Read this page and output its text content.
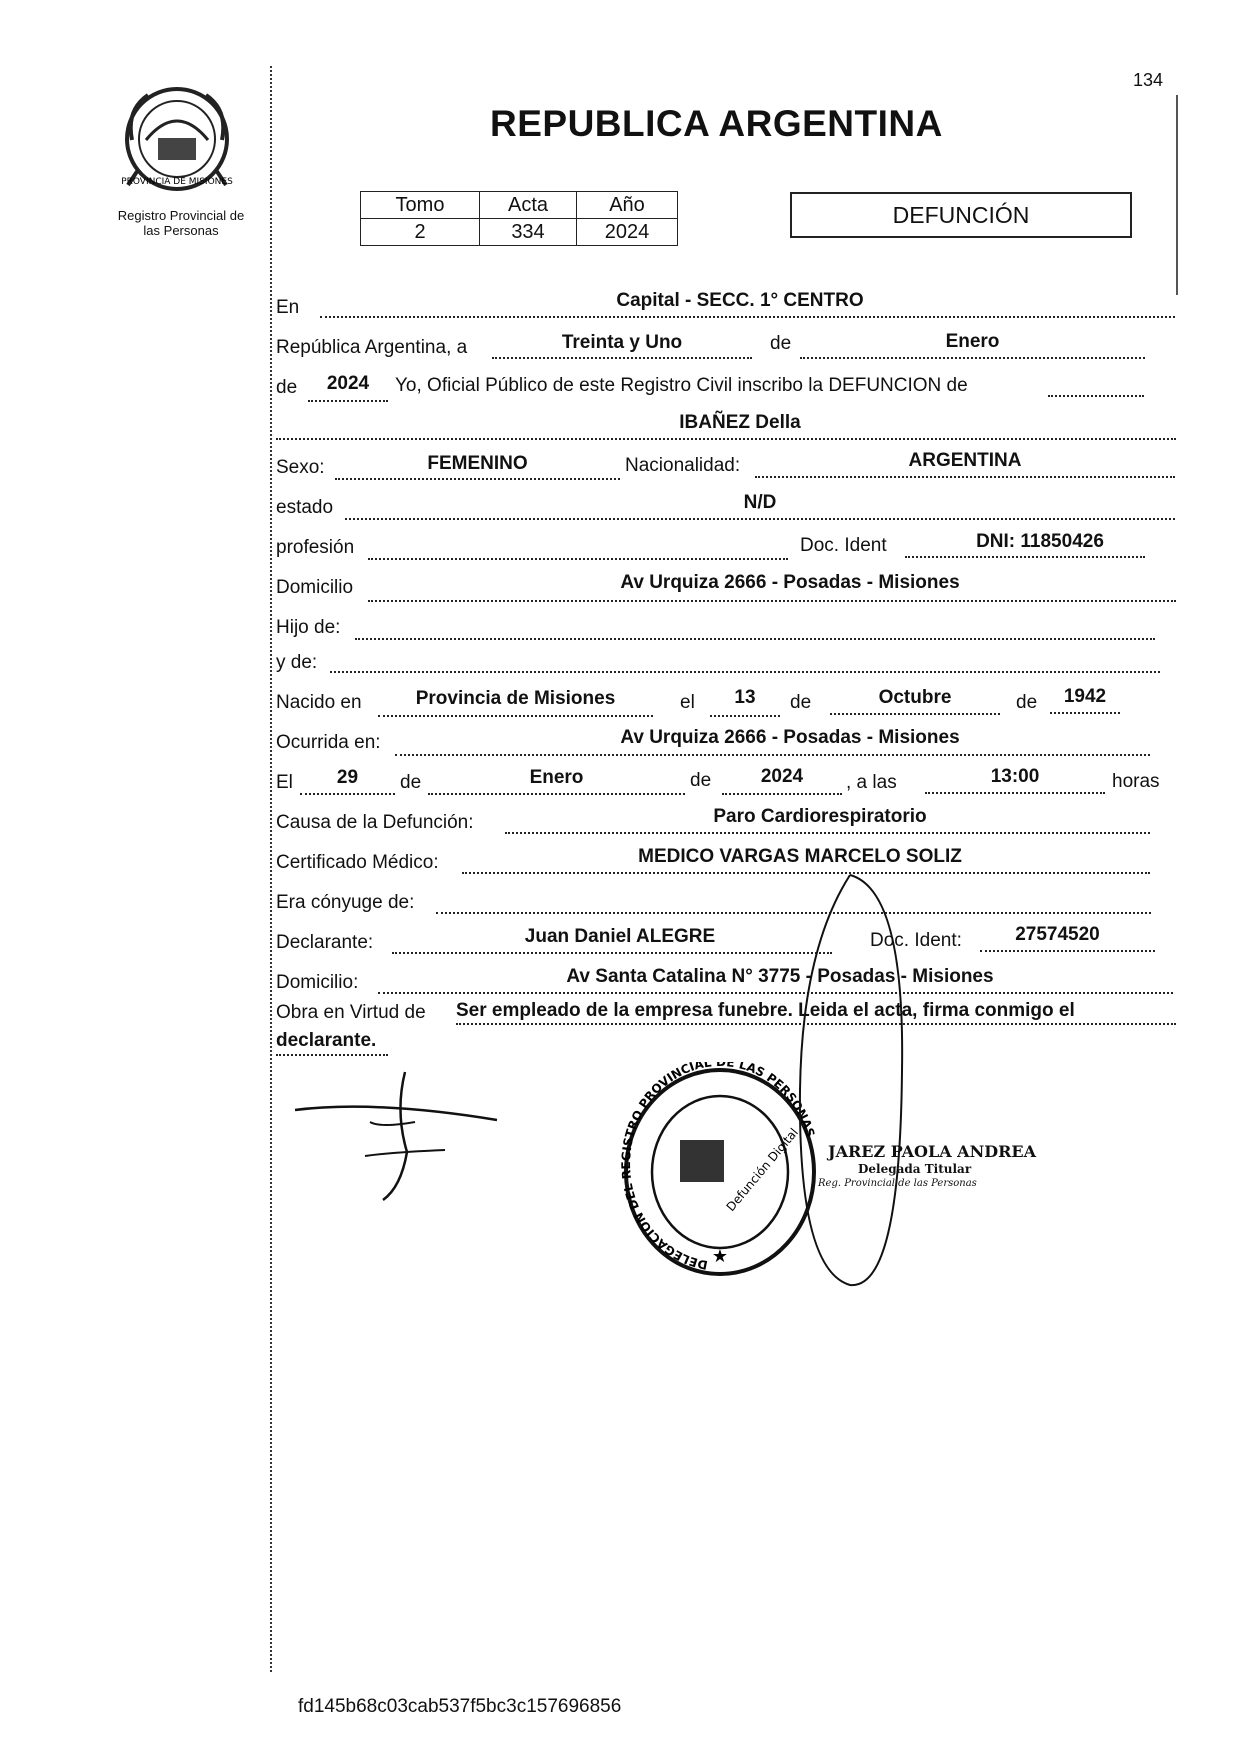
PROVINCIA DE MISIONES
Registro Provincial de
las Personas
REPUBLICA ARGENTINA
134
Tomo	Acta	Año
2	334	2024
DEFUNCIÓN
En	Capital - SECC. 1° CENTRO
República Argentina, a	Treinta y Uno	de	Enero
de	2024	Yo, Oficial Público de este Registro Civil inscribo la DEFUNCION de
IBAÑEZ Della
Sexo:	FEMENINO	Nacionalidad:	ARGENTINA
estado	N/D
profesión	Doc. Ident	DNI: 11850426
Domicilio	Av Urquiza 2666 - Posadas - Misiones
Hijo de:
y de:
Nacido en	Provincia de Misiones	el	13	de	Octubre	de	1942
Ocurrida en:	Av Urquiza 2666 - Posadas - Misiones
El	29	de	Enero	de	2024	, a las	13:00	horas
Causa de la Defunción:	Paro Cardiorespiratorio
Certificado Médico:	MEDICO VARGAS MARCELO SOLIZ
Era cónyuge de:
Declarante:	Juan Daniel ALEGRE	Doc. Ident:	27574520
Domicilio:	Av Santa Catalina N° 3775 - Posadas - Misiones
Obra en Virtud de Ser empleado de la empresa funebre. Leida el acta, firma conmigo el
declarante.
DELEGACION DEL REGISTRO PROVINCIAL DE LAS PERSONAS
Defunción Digital
★
JAREZ PAOLA ANDREA
Delegada Titular
Reg. Provincial de las Personas
fd145b68c03cab537f5bc3c157696856
